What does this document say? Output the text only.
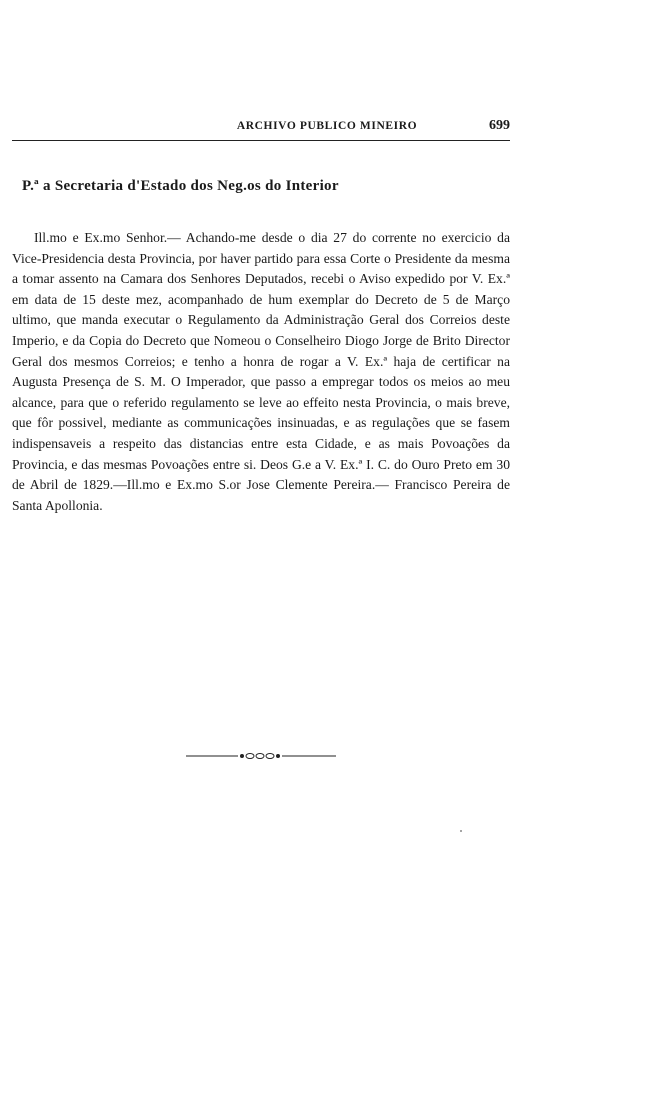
ARCHIVO PUBLICO MINEIRO	699
P.ª a Secretaria d'Estado dos Neg.os do Interior

Ill.mo e Ex.mo Senhor.— Achando-me desde o dia 27 do corrente no exercicio da Vice-Presidencia desta Provincia, por haver partido para essa Corte o Presidente da mesma a tomar assento na Camara dos Senhores Deputados, recebi o Aviso expedido por V. Ex.ª em data de 15 deste mez, acompanhado de hum exemplar do Decreto de 5 de Março ultimo, que manda executar o Regulamento da Administração Geral dos Correios deste Imperio, e da Copia do Decreto que Nomeou o Conselheiro Diogo Jorge de Brito Director Geral dos mesmos Correios; e tenho a honra de rogar a V. Ex.ª haja de certificar na Augusta Presença de S. M. O Imperador, que passo a empregar todos os meios ao meu alcance, para que o referido regulamento se leve ao effeito nesta Provincia, o mais breve, que fôr possivel, mediante as communicações insinuadas, e as regulações que se fasem indispensaveis a respeito das distancias entre esta Cidade, e as mais Povoações da Provincia, e das mesmas Povoações entre si. Deos G.e a V. Ex.ª I. C. do Ouro Preto em 30 de Abril de 1829.—Ill.mo e Ex.mo S.or Jose Clemente Pereira.— Francisco Pereira de Santa Apollonia.
